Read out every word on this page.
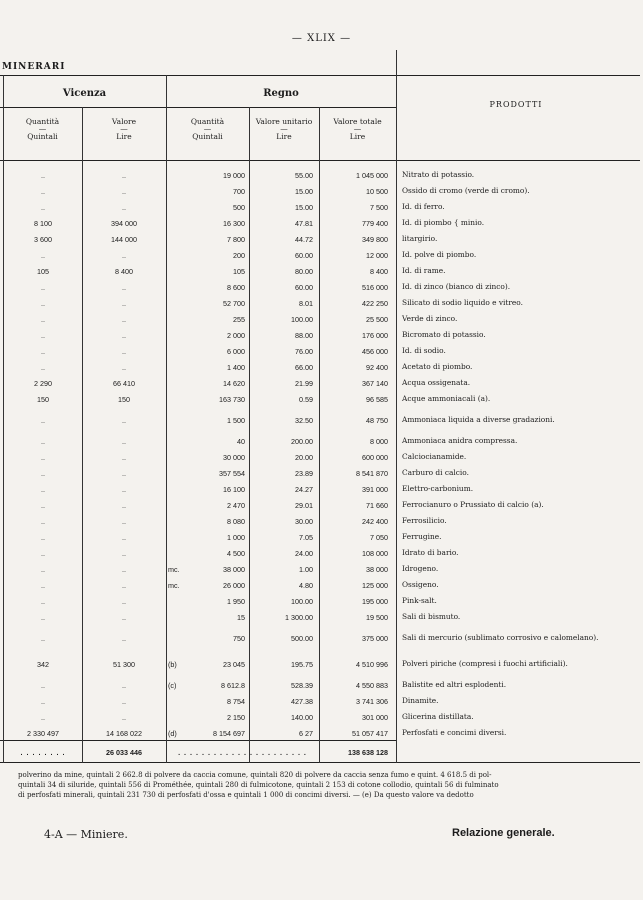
— XLIX —
MINERARI
Vicenza	Regno
PRODOTTI
Quantità
—
Quintali
Valore
—
Lire
Quantità
—
Quintali
Valore unitario
—
Lire
Valore totale
—
Lire
..	..		19 000	55.00	1 045 000	Nitrato di potassio.
..	..		700	15.00	10 500	Ossido di cromo (verde di cromo).
..	..		500	15.00	7 500	Id. di ferro.
8 100	394 000		16 300	47.81	779 400	Id. di piombo { minio.
3 600	144 000		7 800	44.72	349 800	litargirio.
..	..		200	60.00	12 000	Id. polve di piombo.
105	8 400		105	80.00	8 400	Id. di rame.
..	..		8 600	60.00	516 000	Id. di zinco (bianco di zinco).
..	..		52 700	8.01	422 250	Silicato di sodio liquido e vitreo.
..	..		255	100.00	25 500	Verde di zinco.
..	..		2 000	88.00	176 000	Bicromato di potassio.
..	..		6 000	76.00	456 000	Id. di sodio.
..	..		1 400	66.00	92 400	Acetato di piombo.
2 290	66 410		14 620	21.99	367 140	Acqua ossigenata.
150	150		163 730	0.59	96 585	Acque ammoniacali (a).
..	..		1 500	32.50	48 750	Ammoniaca liquida a diverse gradazioni.
..	..		40	200.00	8 000	Ammoniaca anidra compressa.
..	..		30 000	20.00	600 000	Calciocianamide.
..	..		357 554	23.89	8 541 870	Carburo di calcio.
..	..		16 100	24.27	391 000	Elettro-carbonium.
..	..		2 470	29.01	71 660	Ferrocianuro o Prussiato di calcio (a).
..	..		8 080	30.00	242 400	Ferrosilicio.
..	..		1 000	7.05	7 050	Ferrugine.
..	..		4 500	24.00	108 000	Idrato di bario.
..	..	mc.	38 000	1.00	38 000	Idrogeno.
..	..	mc.	26 000	4.80	125 000	Ossigeno.
..	..		1 950	100.00	195 000	Pink-salt.
..	..		15	1 300.00	19 500	Sali di bismuto.
..	..		750	500.00	375 000	Sali di mercurio (sublimato corrosivo e calomelano).
342	51 300	(b)	23 045	195.75	4 510 996	Polveri piriche (compresi i fuochi artificiali).
..	..	(c)	8 612.8	528.39	4 550 883	Balistite ed altri esplodenti.
..	..		8 754	427.38	3 741 306	Dinamite.
..	..		2 150	140.00	301 000	Glicerina distillata.
2 330 497	14 168 022	(d)	8 154 697	6 27	51 057 417	Perfosfati e concimi diversi.
. . . . . . . .	26 033 446	. . . . . . . . . . . . . . . . . . . . . .			138 638 128	
polverino da mine, quintali 2 662.8 di polvere da caccia comune, quintali 820 di polvere da caccia senza fumo e quint. 4 618.5 di pol-
quintali 34 di siluride, quintali 556 di Prométhée, quintali 280 di fulmicotone, quintali 2 153 di cotone collodio, quintali 56 di fulminato
di perfosfati minerali, quintali 231 730 di perfosfati d'ossa e quintali 1 000 di concimi diversi. — (e) Da questo valore va dedotto
4-A — Miniere.	Relazione generale.
